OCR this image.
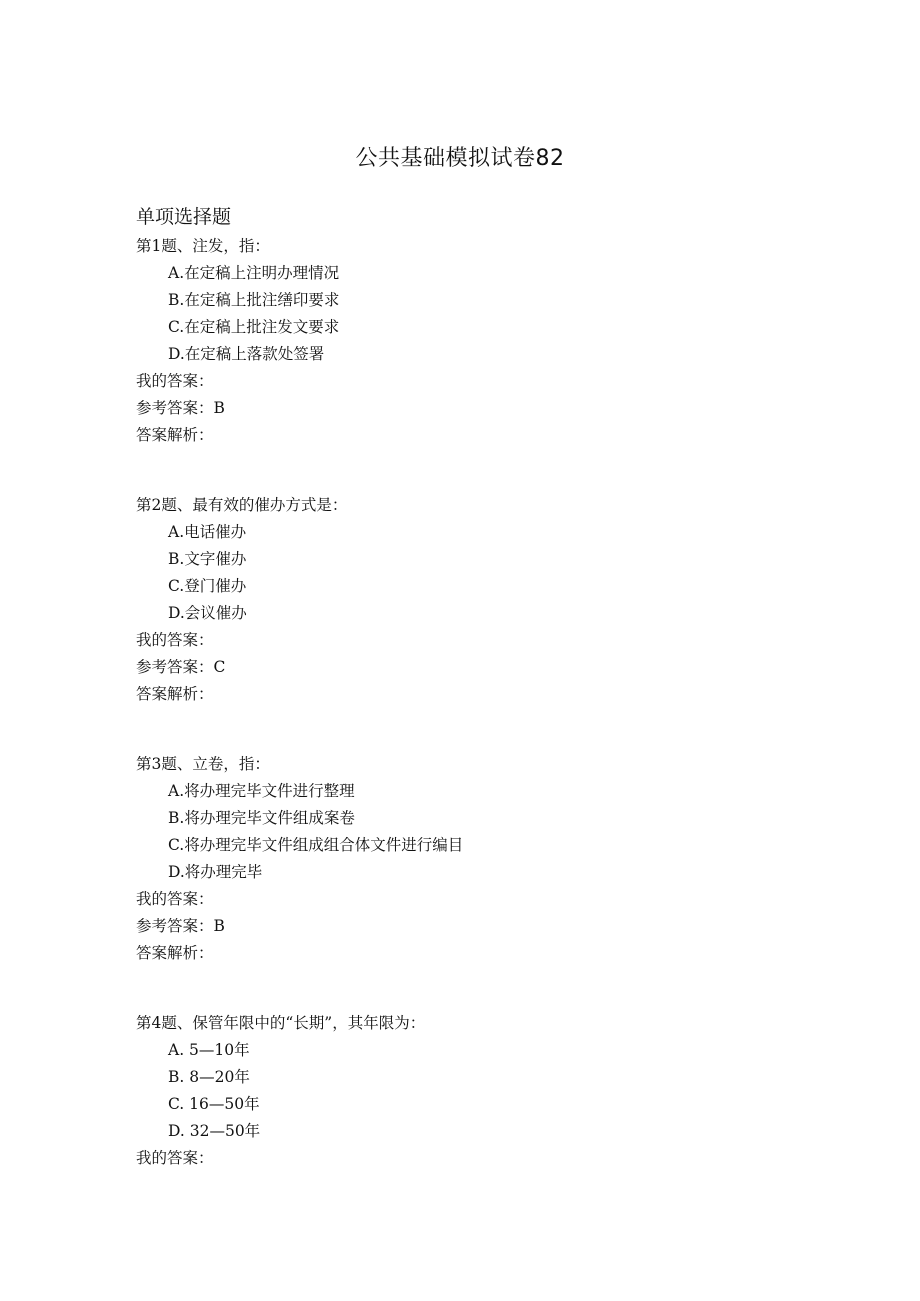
公共基础模拟试卷82
单项选择题
第1题、注发，指：
A.在定稿上注明办理情况
B.在定稿上批注缮印要求
C.在定稿上批注发文要求
D.在定稿上落款处签署
我的答案：
参考答案：B
答案解析：
第2题、最有效的催办方式是：
A.电话催办
B.文字催办
C.登门催办
D.会议催办
我的答案：
参考答案：C
答案解析：
第3题、立卷，指：
A.将办理完毕文件进行整理
B.将办理完毕文件组成案卷
C.将办理完毕文件组成组合体文件进行编目
D.将办理完毕
我的答案：
参考答案：B
答案解析：
第4题、保管年限中的“长期”，其年限为：
A. 5—10年
B. 8—20年
C. 16—50年
D. 32—50年
我的答案：
